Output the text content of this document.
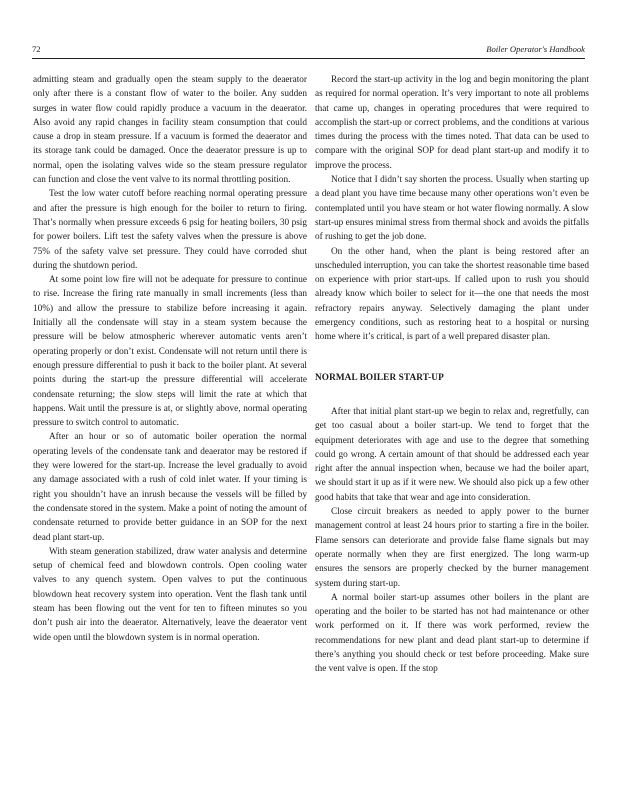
72	Boiler Operator's Handbook

admitting steam and gradually open the steam supply to the deaerator only after there is a constant flow of water to the boiler. Any sudden surges in water flow could rapidly produce a vacuum in the deaerator. Also avoid any rapid changes in facility steam consumption that could cause a drop in steam pressure. If a vacuum is formed the deaerator and its storage tank could be damaged. Once the deaerator pressure is up to normal, open the isolating valves wide so the steam pressure regulator can function and close the vent valve to its normal throttling position.

Test the low water cutoff before reaching normal operating pressure and after the pressure is high enough for the boiler to return to firing. That’s normally when pressure exceeds 6 psig for heating boilers, 30 psig for power boilers. Lift test the safety valves when the pressure is above 75% of the safety valve set pressure. They could have corroded shut during the shutdown period.

At some point low fire will not be adequate for pressure to continue to rise. Increase the firing rate manually in small increments (less than 10%) and allow the pressure to stabilize before increasing it again. Initially all the condensate will stay in a steam system because the pressure will be below atmospheric wherever automatic vents aren’t operating properly or don’t exist. Condensate will not return until there is enough pressure differential to push it back to the boiler plant. At several points during the start-up the pressure differential will accelerate condensate returning; the slow steps will limit the rate at which that happens. Wait until the pressure is at, or slightly above, normal operating pressure to switch control to automatic.

After an hour or so of automatic boiler operation the normal operating levels of the condensate tank and deaerator may be restored if they were lowered for the start-up. Increase the level gradually to avoid any damage associated with a rush of cold inlet water. If your timing is right you shouldn’t have an inrush because the vessels will be filled by the condensate stored in the system. Make a point of noting the amount of condensate returned to provide better guidance in an SOP for the next dead plant start-up.

With steam generation stabilized, draw water analysis and determine setup of chemical feed and blowdown controls. Open cooling water valves to any quench system. Open valves to put the continuous blowdown heat recovery system into operation. Vent the flash tank until steam has been flowing out the vent for ten to fifteen minutes so you don’t push air into the deaerator. Alternatively, leave the deaerator vent wide open until the blowdown system is in normal operation.

Record the start-up activity in the log and begin monitoring the plant as required for normal operation. It’s very important to note all problems that came up, changes in operating procedures that were required to accomplish the start-up or correct problems, and the conditions at various times during the process with the times noted. That data can be used to compare with the original SOP for dead plant start-up and modify it to improve the process.

Notice that I didn’t say shorten the process. Usually when starting up a dead plant you have time because many other operations won’t even be contemplated until you have steam or hot water flowing normally. A slow start-up ensures minimal stress from thermal shock and avoids the pitfalls of rushing to get the job done.

On the other hand, when the plant is being restored after an unscheduled interruption, you can take the shortest reasonable time based on experience with prior start-ups. If called upon to rush you should already know which boiler to select for it—the one that needs the most refractory repairs anyway. Selectively damaging the plant under emergency conditions, such as restoring heat to a hospital or nursing home where it’s critical, is part of a well prepared disaster plan.

NORMAL BOILER START-UP

After that initial plant start-up we begin to relax and, regretfully, can get too casual about a boiler start-up. We tend to forget that the equipment deteriorates with age and use to the degree that something could go wrong. A certain amount of that should be addressed each year right after the annual inspection when, because we had the boiler apart, we should start it up as if it were new. We should also pick up a few other good habits that take that wear and age into consideration.

Close circuit breakers as needed to apply power to the burner management control at least 24 hours prior to starting a fire in the boiler. Flame sensors can deteriorate and provide false flame signals but may operate normally when they are first energized. The long warm-up ensures the sensors are properly checked by the burner management system during start-up.

A normal boiler start-up assumes other boilers in the plant are operating and the boiler to be started has not had maintenance or other work performed on it. If there was work performed, review the recommendations for new plant and dead plant start-up to determine if there’s anything you should check or test before proceeding. Make sure the vent valve is open. If the stop
